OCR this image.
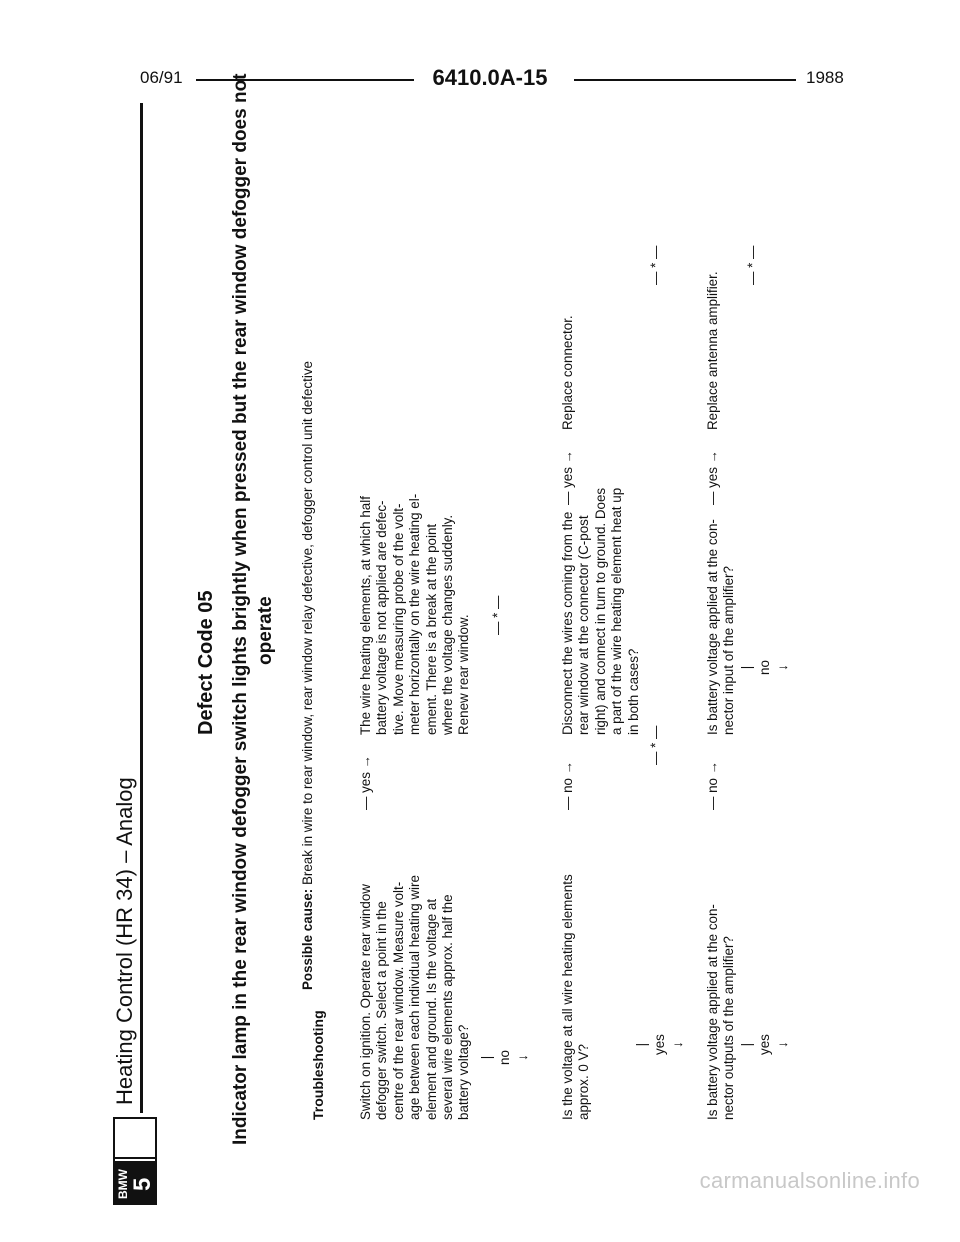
06/91	6410.0A-15	1988
BMW 5
Heating Control (HR 34) – Analog
Defect Code 05 Indicator lamp in the rear window defogger switch lights brightly when pressed but the rear window defogger does not operate
Possible cause: Break in wire to rear window, rear window relay defective, defogger control unit defective
Troubleshooting Switch on ignition. Operate rear window
defogger switch. Select a point in the
centre of the rear window. Measure volt-
age between each individual heating wire
element and ground. Is the voltage at
several wire elements approx. half the
battery voltage?
— yes →
The wire heating elements, at which half
battery voltage is not applied are defec-
tive. Move measuring probe of the volt-
meter horizontally on the wire heating el-
ement. There is a break at the point
where the voltage changes suddenly.
Renew rear window. — * —
|
no
↓
Is the voltage at all wire heating elements
approx. 0 V?
— no →
Disconnect the wires coming from the
rear window at the connector (C-post
right) and connect in turn to ground. Does
a part of the wire heating element heat up
in both cases?
— * —
— yes →
Replace connector.
— * —
|
yes
↓
Is battery voltage applied at the con-
nector outputs of the amplifier?
— no →
Is battery voltage applied at the con-
nector input of the amplifier?
|
no
↓
— yes →
Replace antenna amplifier.
— * —
|
yes
↓
carmanualsonline.info
